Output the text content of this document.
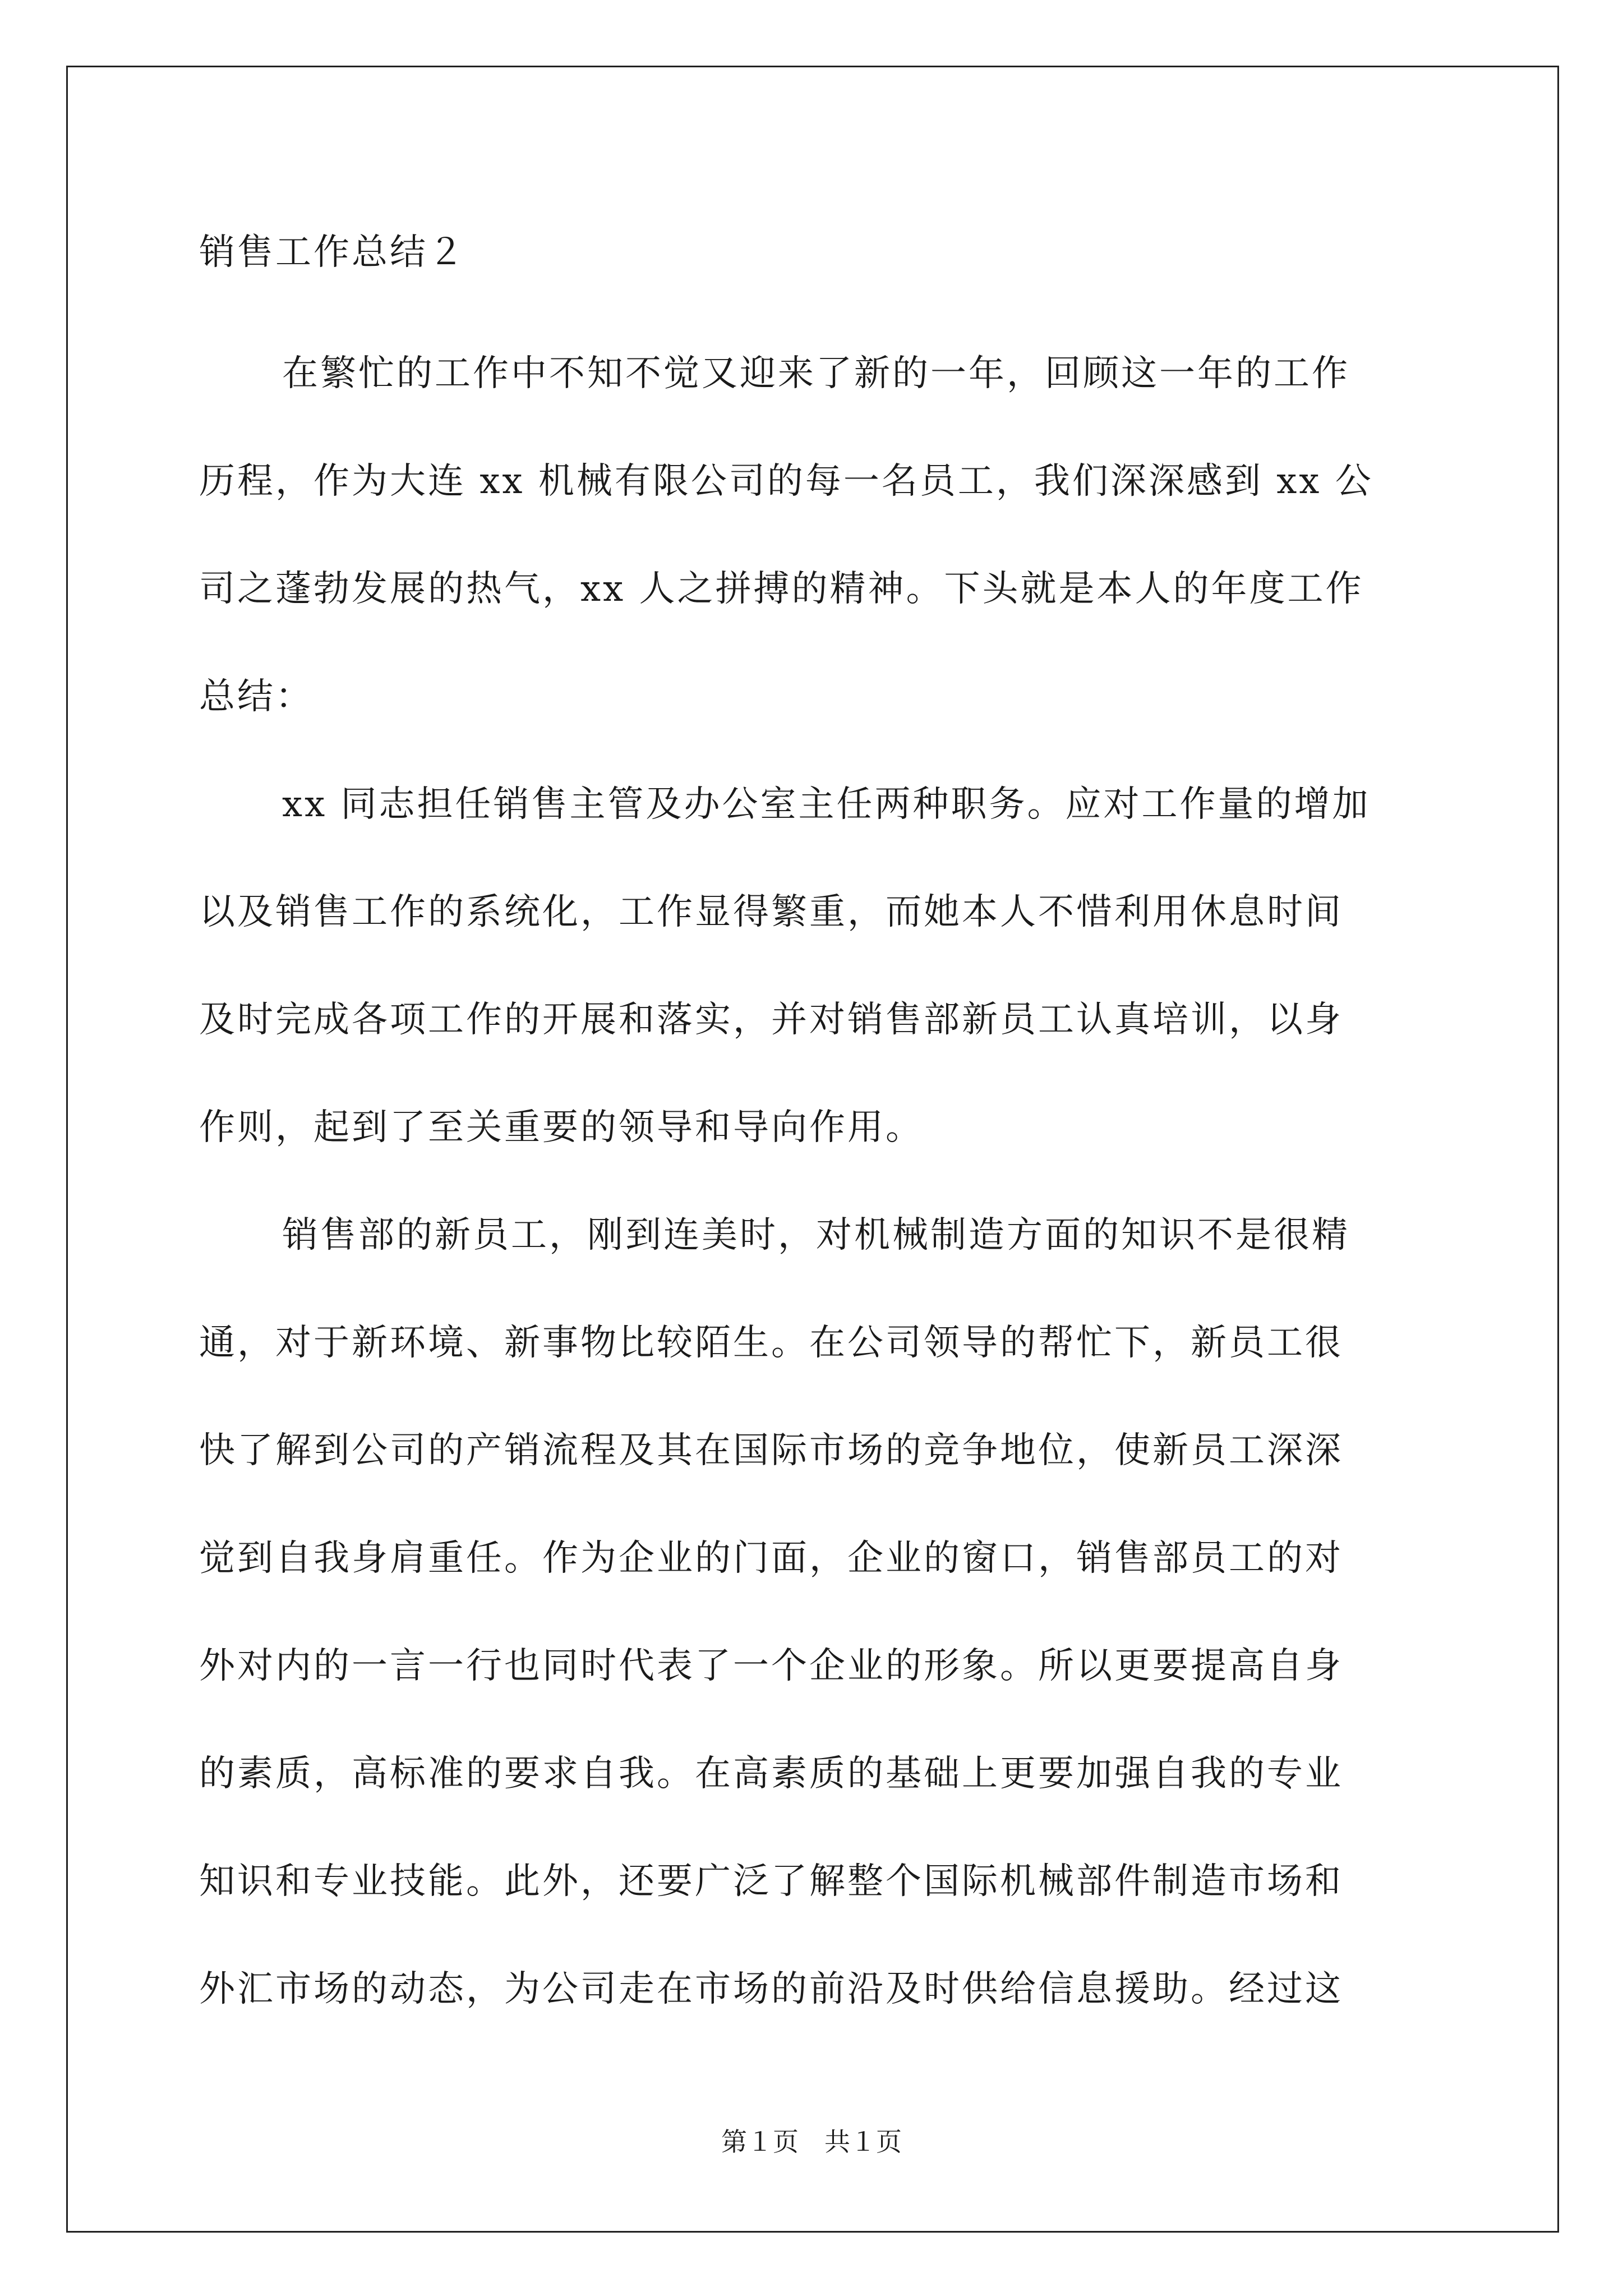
销售工作总结２
在繁忙的工作中不知不觉又迎来了新的一年，回顾这一年的工作
历程，作为大连 xx 机械有限公司的每一名员工，我们深深感到 xx 公
司之蓬勃发展的热气，xx 人之拼搏的精神。下头就是本人的年度工作
总结：
xx 同志担任销售主管及办公室主任两种职务。应对工作量的增加
以及销售工作的系统化，工作显得繁重，而她本人不惜利用休息时间
及时完成各项工作的开展和落实，并对销售部新员工认真培训，以身
作则，起到了至关重要的领导和导向作用。
销售部的新员工，刚到连美时，对机械制造方面的知识不是很精
通，对于新环境、新事物比较陌生。在公司领导的帮忙下，新员工很
快了解到公司的产销流程及其在国际市场的竞争地位，使新员工深深
觉到自我身肩重任。作为企业的门面，企业的窗口，销售部员工的对
外对内的一言一行也同时代表了一个企业的形象。所以更要提高自身
的素质，高标准的要求自我。在高素质的基础上更要加强自我的专业
知识和专业技能。此外，还要广泛了解整个国际机械部件制造市场和
外汇市场的动态，为公司走在市场的前沿及时供给信息援助。经过这
第１页　共１页
